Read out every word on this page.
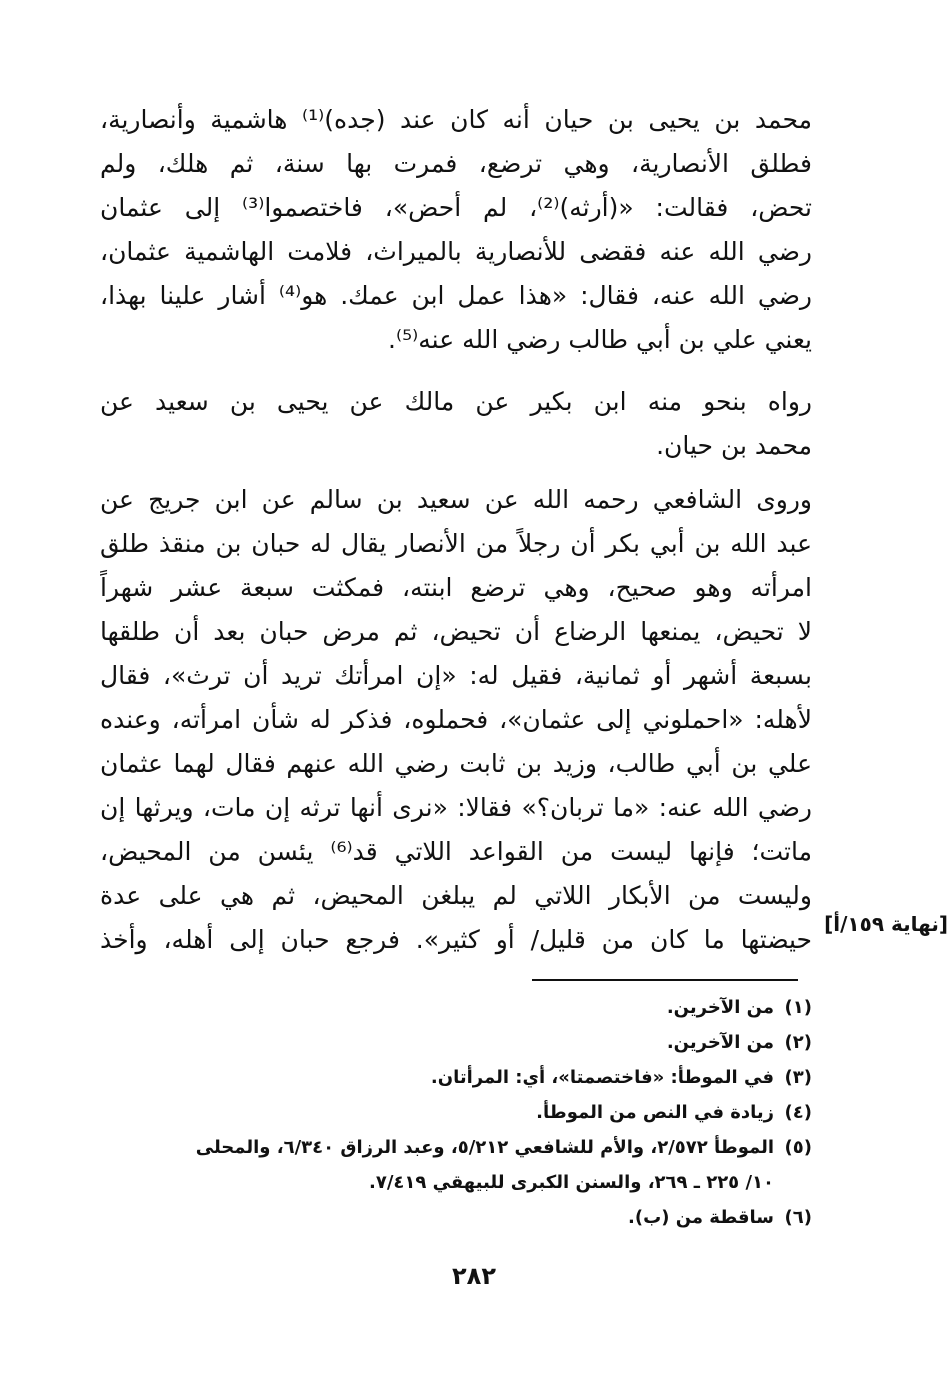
محمد بن يحيى بن حيان أنه كان عند (جده)⁽¹⁾ هاشمية وأنصارية،
فطلق الأنصارية، وهي ترضع، فمرت بها سنة، ثم هلك، ولم
تحض، فقالت: «(أرثه)⁽²⁾، لم أحض»، فاختصموا⁽³⁾ إلى عثمان
رضي الله عنه فقضى للأنصارية بالميراث، فلامت الهاشمية عثمان،
رضي الله عنه، فقال: «هذا عمل ابن عمك. هو⁽⁴⁾ أشار علينا بهذا،
يعني علي بن أبي طالب رضي الله عنه⁽⁵⁾.
رواه بنحو منه ابن بكير عن مالك عن يحيى بن سعيد عن
محمد بن حيان.
وروى الشافعي رحمه الله عن سعيد بن سالم عن ابن جريج عن
عبد الله بن أبي بكر أن رجلاً من الأنصار يقال له حبان بن منقذ طلق
امرأته وهو صحيح، وهي ترضع ابنته، فمكثت سبعة عشر شهراً
لا تحيض، يمنعها الرضاع أن تحيض، ثم مرض حبان بعد أن طلقها
بسبعة أشهر أو ثمانية، فقيل له: «إن امرأتك تريد أن ترث»، فقال
لأهله: «احملوني إلى عثمان»، فحملوه، فذكر له شأن امرأته، وعنده
علي بن أبي طالب، وزيد بن ثابت رضي الله عنهم فقال لهما عثمان
رضي الله عنه: «ما تربان؟» فقالا: «نرى أنها ترثه إن مات، ويرثها إن
ماتت؛ فإنها ليست من القواعد اللاتي قد⁽⁶⁾ يئسن من المحيض،
وليست من الأبكار اللاتي لم يبلغن المحيض، ثم هي على عدة
حيضتها ما كان من قليل/ أو كثير». فرجع حبان إلى أهله، وأخذ
[نهاية ١٥٩/أ]
(١)من الآخرين.
(٢)من الآخرين.
(٣)في الموطأ: «فاختصمتا»، أي: المرأتان.
(٤)زيادة في النص من الموطأ.
(٥)الموطأ ٢/٥٧٢، والأم للشافعي ٥/٢١٢، وعبد الرزاق ٦/٣٤٠، والمحلى
١٠/ ٢٢٥ ـ ٢٦٩، والسنن الكبرى للبيهقي ٧/٤١٩.
(٦)ساقطة من (ب).
٢٨٢
